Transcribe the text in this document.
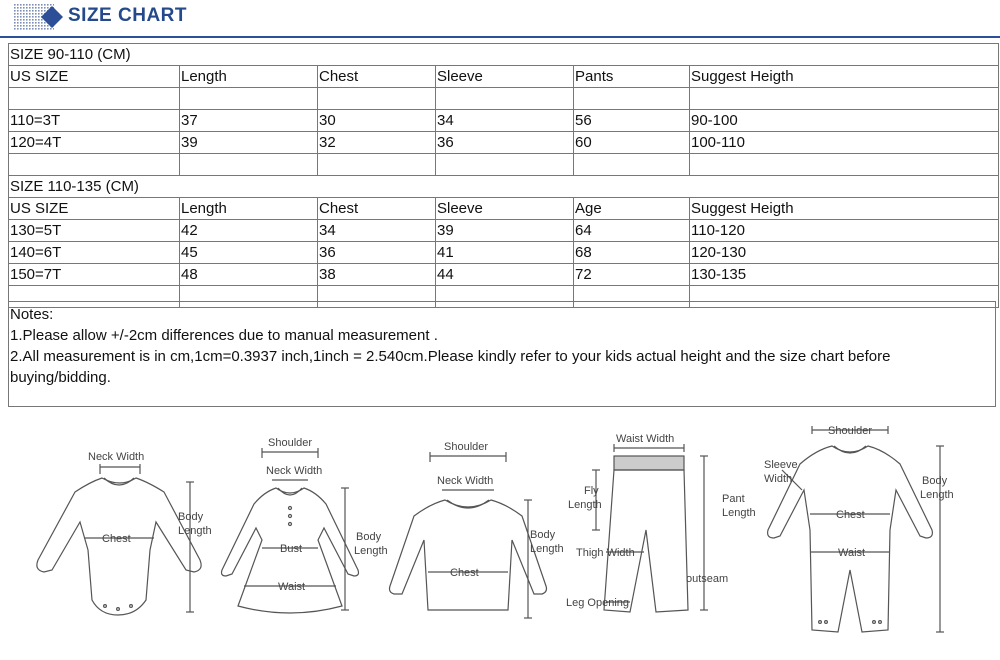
SIZE CHART
SIZE 90-110 (CM)					
US SIZE	Length	Chest	Sleeve	Pants	Suggest Heigth

110=3T	37	30	34	56	90-100
120=4T	39	32	36	60	100-110

SIZE 110-135 (CM)					
US SIZE	Length	Chest	Sleeve	Age	Suggest Heigth
130=5T	42	34	39	64	110-120
140=6T	45	36	41	68	120-130
150=7T	48	38	44	72	130-135

Notes:
1.Please allow +/-2cm differences due to manual measurement .
2.All measurement is in cm,1cm=0.3937 inch,1inch = 2.540cm.Please kindly refer to your kids actual height and the size chart before
buying/bidding.
Neck Width
Chest
Body
Length
Shoulder
Neck Width
Bust
Waist
Body
Length
Shoulder
Neck Width
Chest
Body
Length
Waist Width
Fly
Length	Pant
Length
Thigh Width
outseam
Leg Opening
Shoulder
Sleeve
Width
Chest
Waist
Body
Length
